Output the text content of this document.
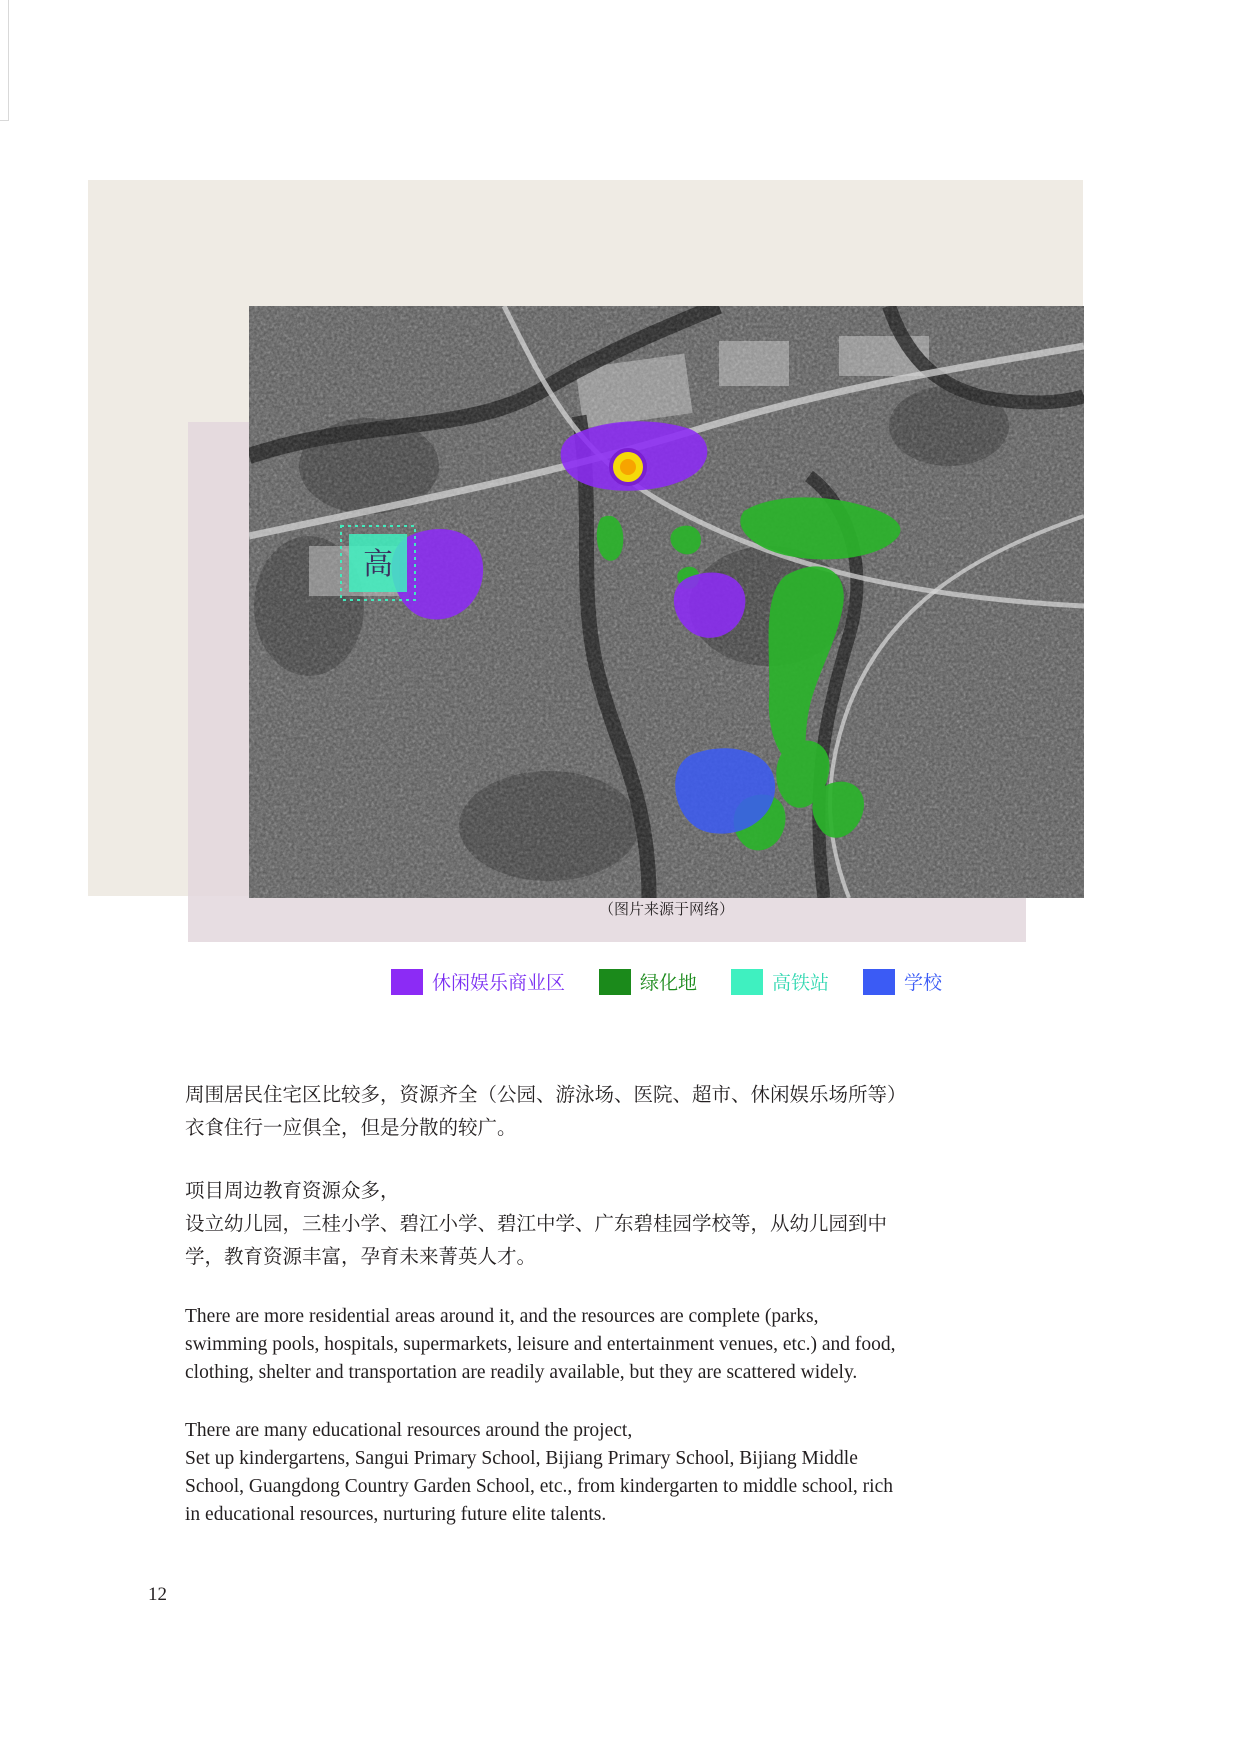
高
（图片来源于网络）
休闲娱乐商业区	绿化地	高铁站	学校

周围居民住宅区比较多，资源齐全（公园、游泳场、医院、超市、休闲娱乐场所等）衣食住行一应俱全，但是分散的较广。

项目周边教育资源众多，
设立幼儿园，三桂小学、碧江小学、碧江中学、广东碧桂园学校等，从幼儿园到中学，教育资源丰富，孕育未来菁英人才。

There are more residential areas around it, and the resources are complete (parks, swimming pools, hospitals, supermarkets, leisure and entertainment venues, etc.) and food, clothing, shelter and transportation are readily available, but they are scattered widely.

There are many educational resources around the project,
Set up kindergartens, Sangui Primary School, Bijiang Primary School, Bijiang Middle School, Guangdong Country Garden School, etc., from kindergarten to middle school, rich in educational resources, nurturing future elite talents.

12
